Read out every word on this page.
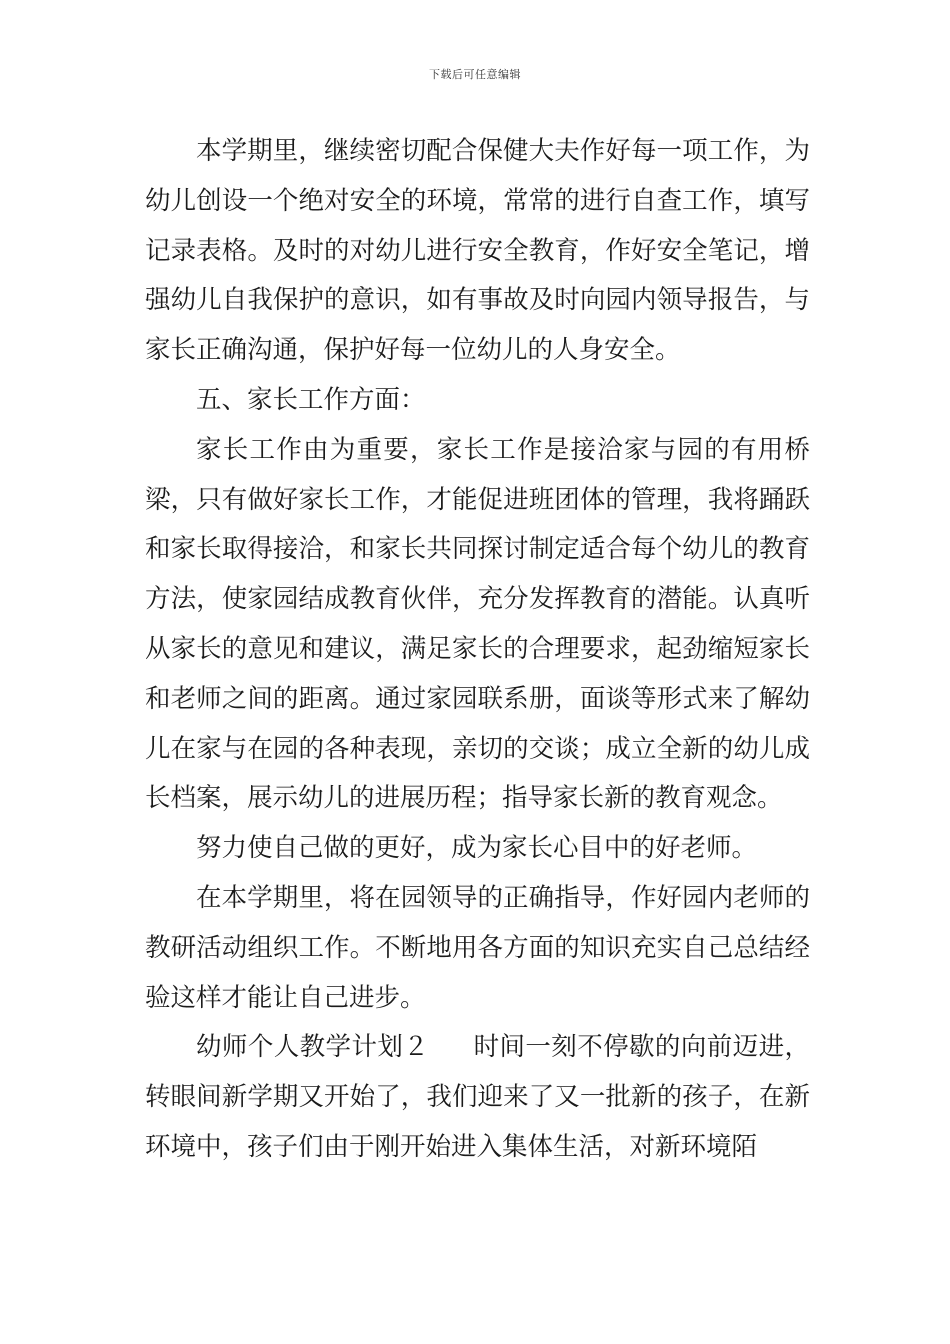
下载后可任意编辑

本学期里，继续密切配合保健大夫作好每一项工作，为幼儿创设一个绝对安全的环境，常常的进行自查工作，填写记录表格。及时的对幼儿进行安全教育，作好安全笔记，增强幼儿自我保护的意识，如有事故及时向园内领导报告，与家长正确沟通，保护好每一位幼儿的人身安全。

五、家长工作方面：

家长工作由为重要，家长工作是接洽家与园的有用桥梁，只有做好家长工作，才能促进班团体的管理，我将踊跃和家长取得接洽，和家长共同探讨制定适合每个幼儿的教育方法，使家园结成教育伙伴，充分发挥教育的潜能。认真听从家长的意见和建议，满足家长的合理要求，起劲缩短家长和老师之间的距离。通过家园联系册，面谈等形式来了解幼儿在家与在园的各种表现，亲切的交谈；成立全新的幼儿成长档案，展示幼儿的进展历程；指导家长新的教育观念。

努力使自己做的更好，成为家长心目中的好老师。

在本学期里，将在园领导的正确指导，作好园内老师的教研活动组织工作。不断地用各方面的知识充实自己总结经验这样才能让自己进步。

幼师个人教学计划２ 时间一刻不停歇的向前迈进，转眼间新学期又开始了，我们迎来了又一批新的孩子，在新环境中，孩子们由于刚开始进入集体生活，对新环境陌
